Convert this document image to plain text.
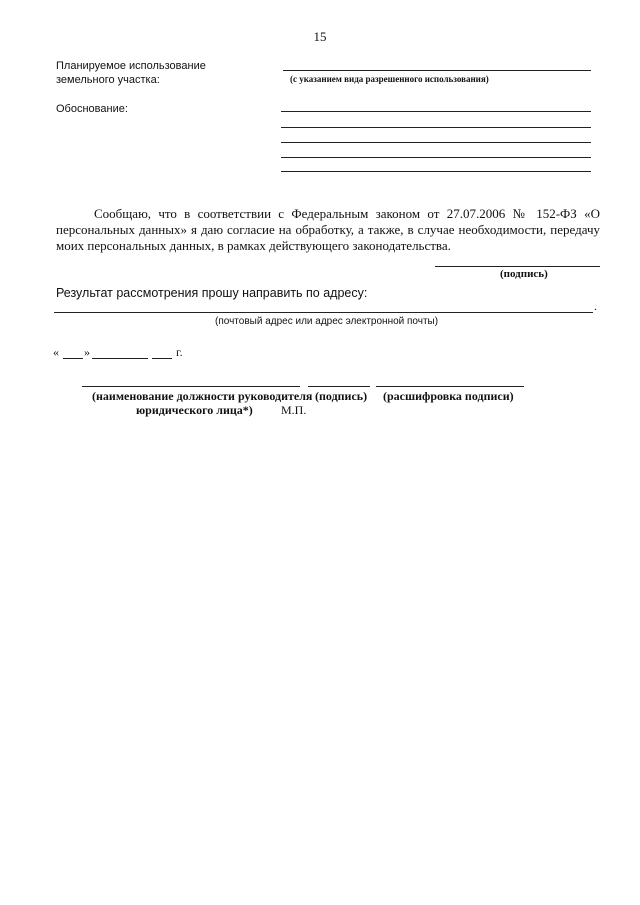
15
Планируемое использование
земельного участка:	(с указанием вида разрешенного использования)
Обоснование:
Сообщаю, что в соответствии с Федеральным законом от 27.07.2006 № 152-ФЗ «О персональных данных» я даю согласие на обработку, а также, в случае необходимости, передачу моих персональных данных, в рамках действующего законодательства.
(подпись)
Результат рассмотрения прошу направить по адресу:
.
(почтовый адрес или адрес электронной почты)
« »	г.
(наименование должности руководителя
юридического лица*) М.П.
(подпись) (расшифровка подписи)
